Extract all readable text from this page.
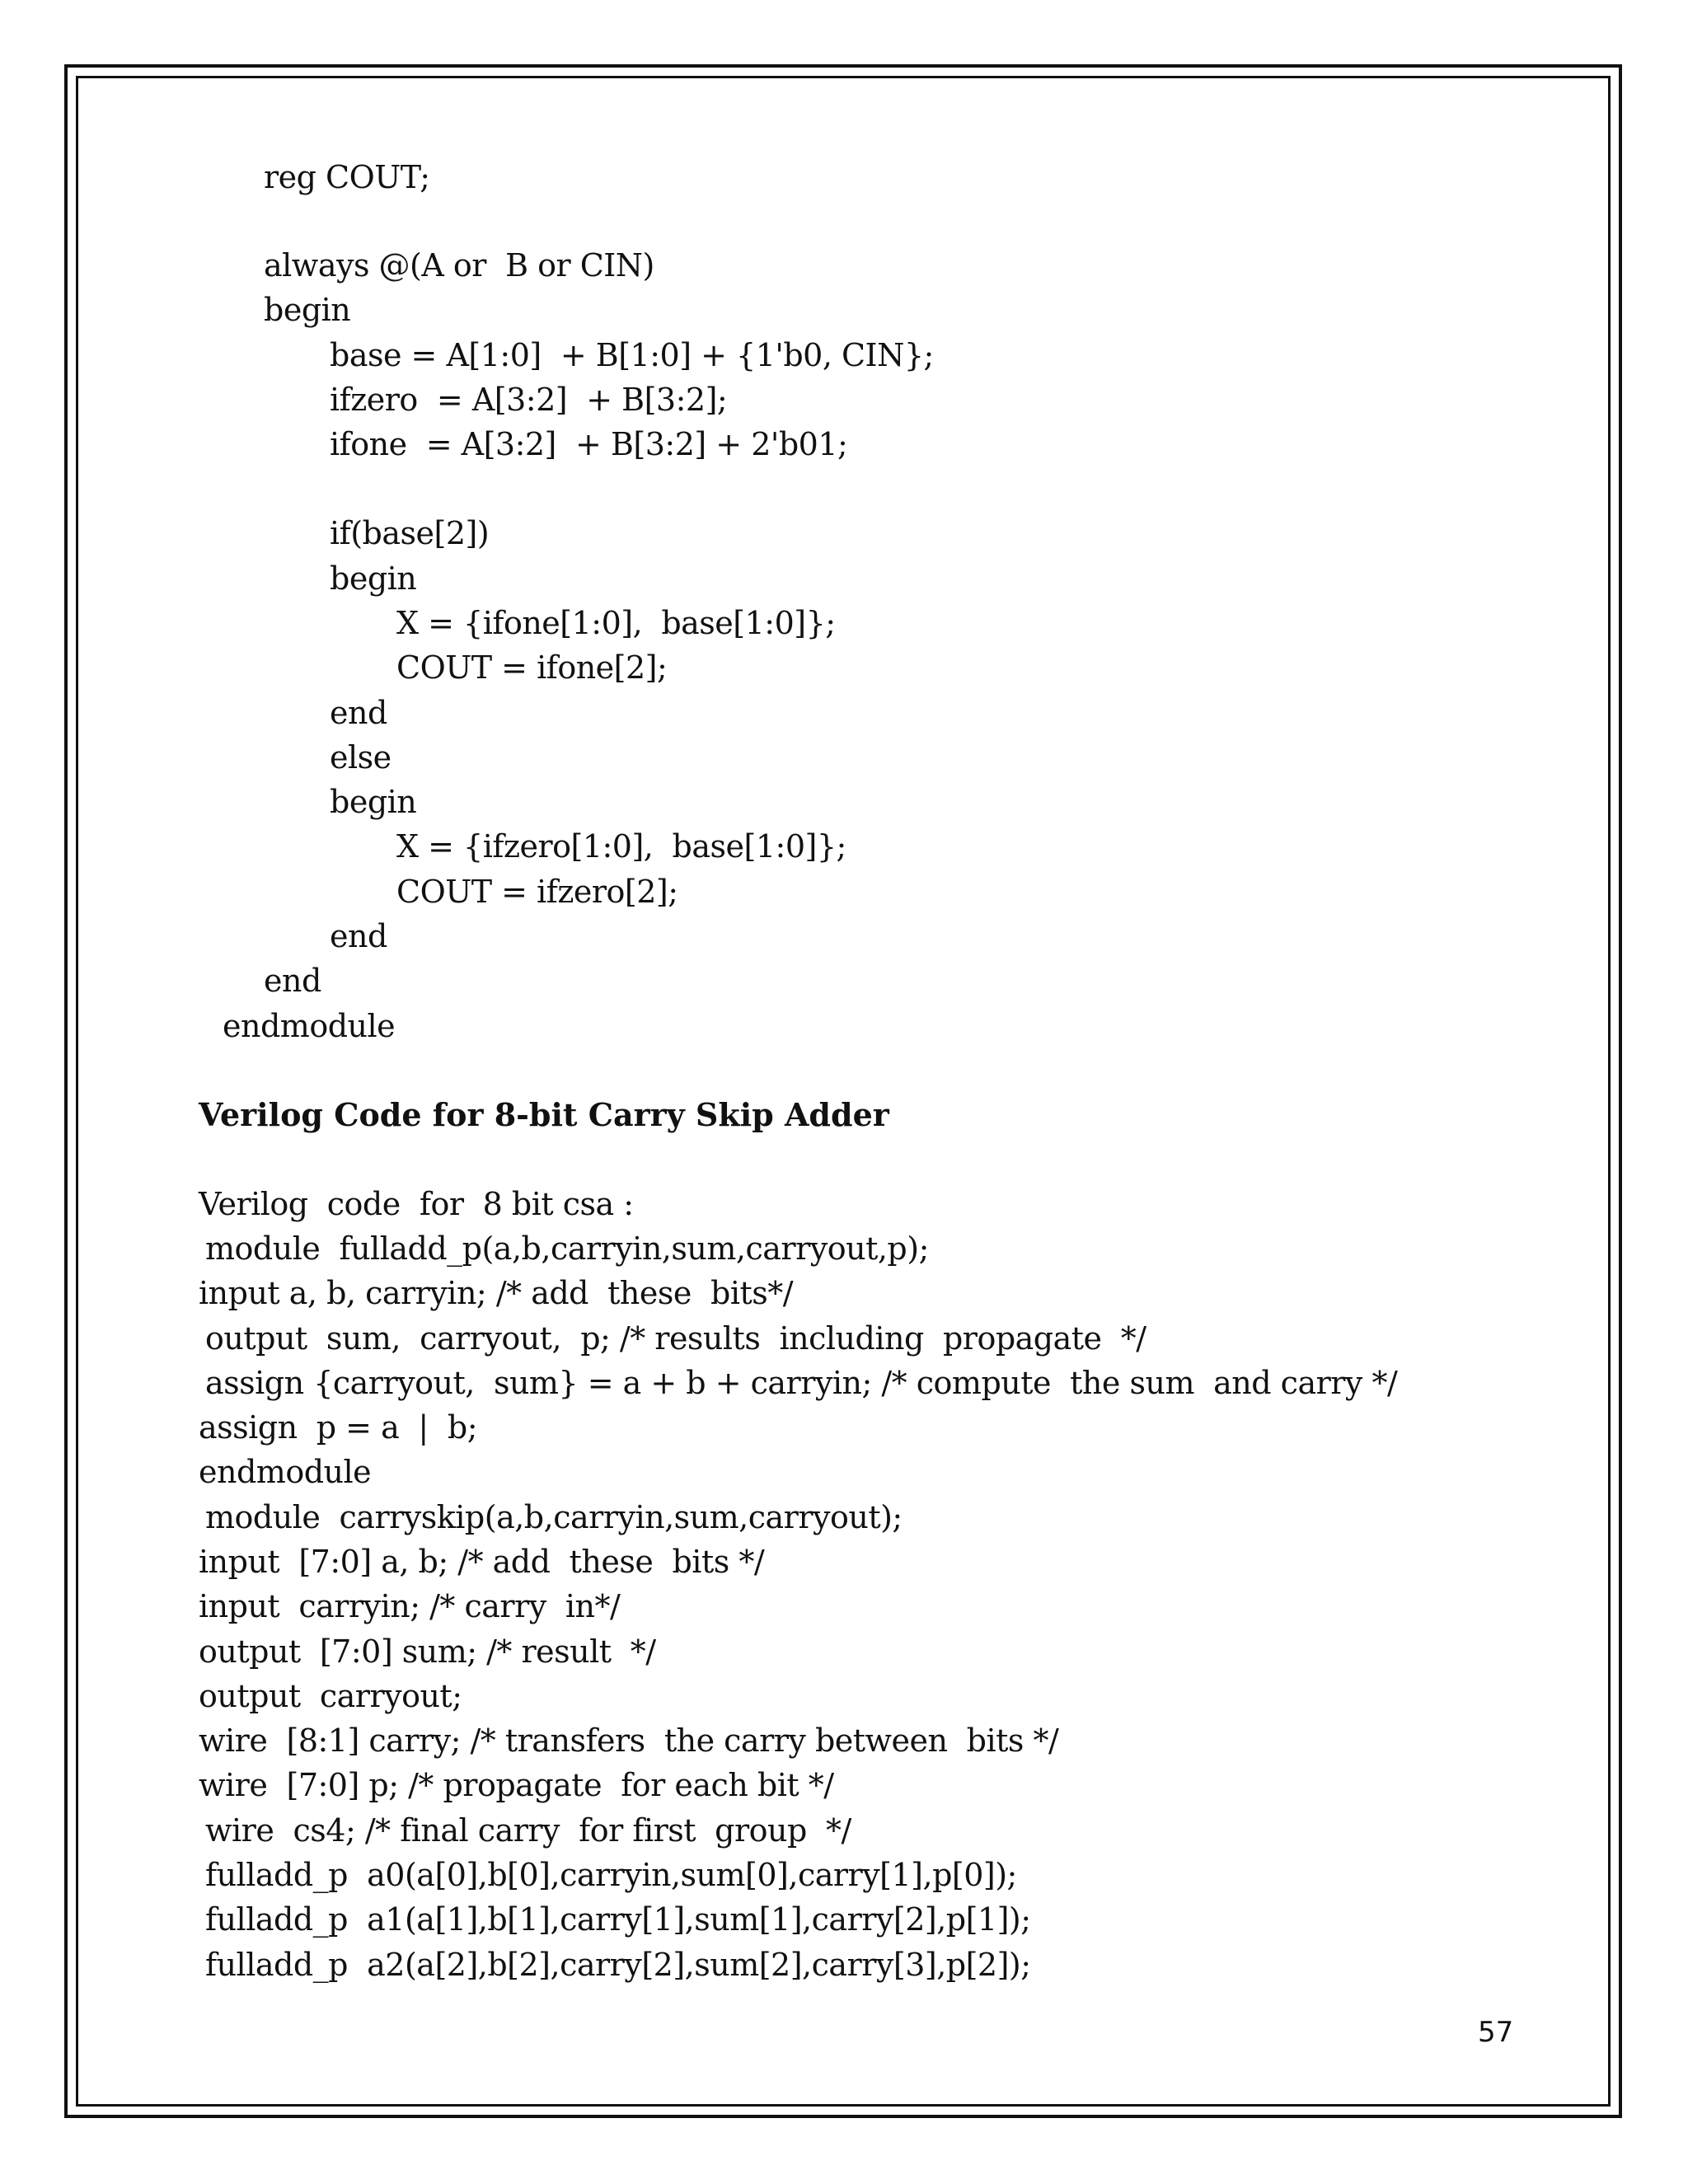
reg COUT;
always @(A or  B or CIN)
begin
base = A[1:0]  + B[1:0] + {1'b0, CIN};
ifzero  = A[3:2]  + B[3:2];
ifone  = A[3:2]  + B[3:2] + 2'b01;
if(base[2])
begin
X = {ifone[1:0],  base[1:0]};
COUT = ifone[2];
end
else
begin
X = {ifzero[1:0],  base[1:0]};
COUT = ifzero[2];
end
end
endmodule
Verilog Code for 8-bit Carry Skip Adder
Verilog  code  for  8 bit csa :
module  fulladd_p(a,b,carryin,sum,carryout,p);
input a, b, carryin; /* add  these  bits*/
output  sum,  carryout,  p; /* results  including  propagate  */
assign {carryout,  sum} = a + b + carryin; /* compute  the sum  and carry */
assign  p = a  |  b;
endmodule
module  carryskip(a,b,carryin,sum,carryout);
input  [7:0] a, b; /* add  these  bits */
input  carryin; /* carry  in*/
output  [7:0] sum; /* result  */
output  carryout;
wire  [8:1] carry; /* transfers  the carry between  bits */
wire  [7:0] p; /* propagate  for each bit */
wire  cs4; /* final carry  for first  group  */
fulladd_p  a0(a[0],b[0],carryin,sum[0],carry[1],p[0]);
fulladd_p  a1(a[1],b[1],carry[1],sum[1],carry[2],p[1]);
fulladd_p  a2(a[2],b[2],carry[2],sum[2],carry[3],p[2]);
57
